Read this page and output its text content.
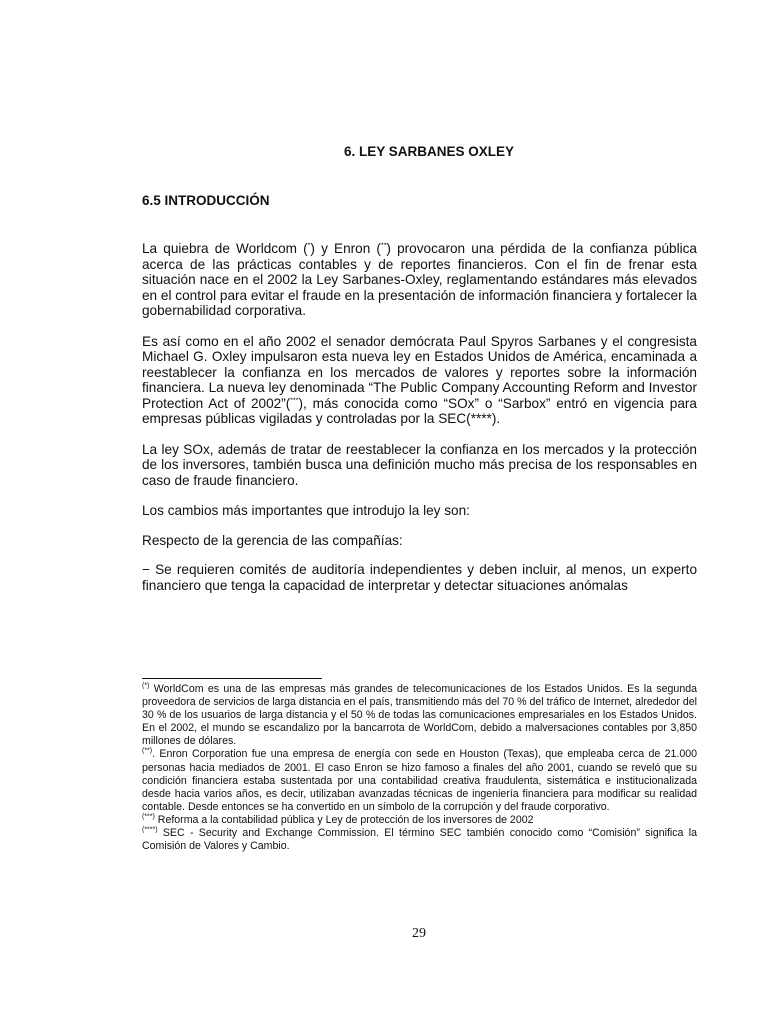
6. LEY SARBANES OXLEY
6.5 INTRODUCCIÓN

La quiebra de Worldcom (*) y Enron (**) provocaron una pérdida de la confianza pública acerca de las prácticas contables y de reportes financieros. Con el fin de frenar esta situación nace en el 2002 la Ley Sarbanes-Oxley, reglamentando estándares más elevados en el control para evitar el fraude en la presentación de información financiera y fortalecer la gobernabilidad corporativa.

Es así como en el año 2002 el senador demócrata Paul Spyros Sarbanes y el congresista Michael G. Oxley impulsaron esta nueva ley en Estados Unidos de América, encaminada a reestablecer la confianza en los mercados de valores y reportes sobre la información financiera. La nueva ley denominada “The Public Company Accounting Reform and Investor Protection Act of 2002”(***), más conocida como “SOx” o “Sarbox” entró en vigencia para empresas públicas vigiladas y controladas por la SEC(****).

La ley SOx, además de tratar de reestablecer la confianza en los mercados y la protección de los inversores, también busca una definición mucho más precisa de los responsables en caso de fraude financiero.

Los cambios más importantes que introdujo la ley son:

Respecto de la gerencia de las compañías:

− Se requieren comités de auditoría independientes y deben incluir, al menos, un experto financiero que tenga la capacidad de interpretar y detectar situaciones anómalas

(*) WorldCom es una de las empresas más grandes de telecomunicaciones de los Estados Unidos. Es la segunda proveedora de servicios de larga distancia en el país, transmitiendo más del 70 % del tráfico de Internet, alrededor del 30 % de los usuarios de larga distancia y el 50 % de todas las comunicaciones empresariales en los Estados Unidos. En el 2002, el mundo se escandalizo por la bancarrota de WorldCom, debido a malversaciones contables por 3,850 millones de dólares.

(**). Enron Corporation fue una empresa de energía con sede en Houston (Texas), que empleaba cerca de 21.000 personas hacia mediados de 2001. El caso Enron se hizo famoso a finales del año 2001, cuando se reveló que su condición financiera estaba sustentada por una contabilidad creativa fraudulenta, sistemática e institucionalizada desde hacia varios años, es decir, utilizaban avanzadas técnicas de ingeniería financiera para modificar su realidad contable. Desde entonces se ha convertido en un símbolo de la corrupción y del fraude corporativo.

(***) Reforma a la contabilidad pública y Ley de protección de los inversores de 2002

(****) SEC - Security and Exchange Commission. El término SEC también conocido como “Comisión” significa la Comisión de Valores y Cambio.

29
